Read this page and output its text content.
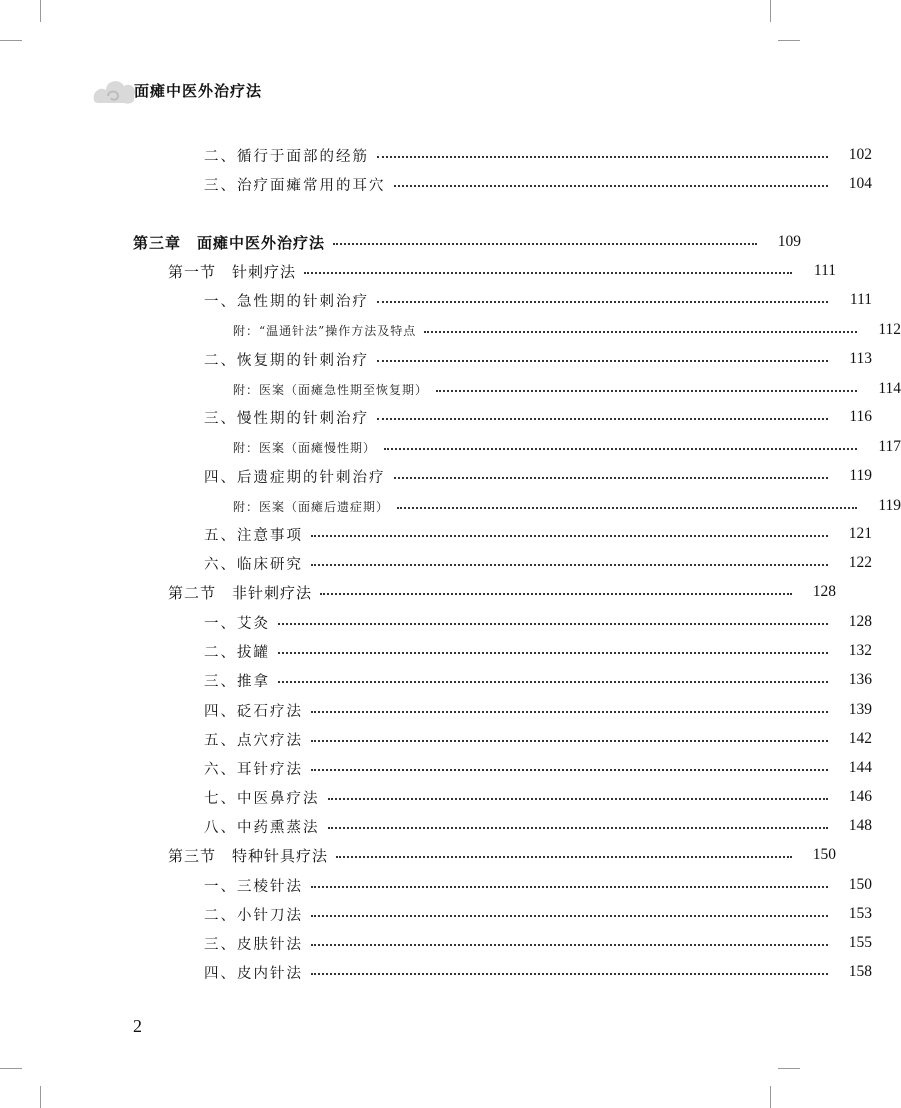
面瘫中医外治疗法
二、循行于面部的经筋	102
三、治疗面瘫常用的耳穴	104
第三章　面瘫中医外治疗法	109
第一节　针刺疗法	111
一、急性期的针刺治疗	111
附：“温通针法”操作方法及特点	112
二、恢复期的针刺治疗	113
附：医案（面瘫急性期至恢复期）	114
三、慢性期的针刺治疗	116
附：医案（面瘫慢性期）	117
四、后遗症期的针刺治疗	119
附：医案（面瘫后遗症期）	119
五、注意事项	121
六、临床研究	122
第二节　非针刺疗法	128
一、艾灸	128
二、拔罐	132
三、推拿	136
四、砭石疗法	139
五、点穴疗法	142
六、耳针疗法	144
七、中医鼻疗法	146
八、中药熏蒸法	148
第三节　特种针具疗法	150
一、三棱针法	150
二、小针刀法	153
三、皮肤针法	155
四、皮内针法	158
2
